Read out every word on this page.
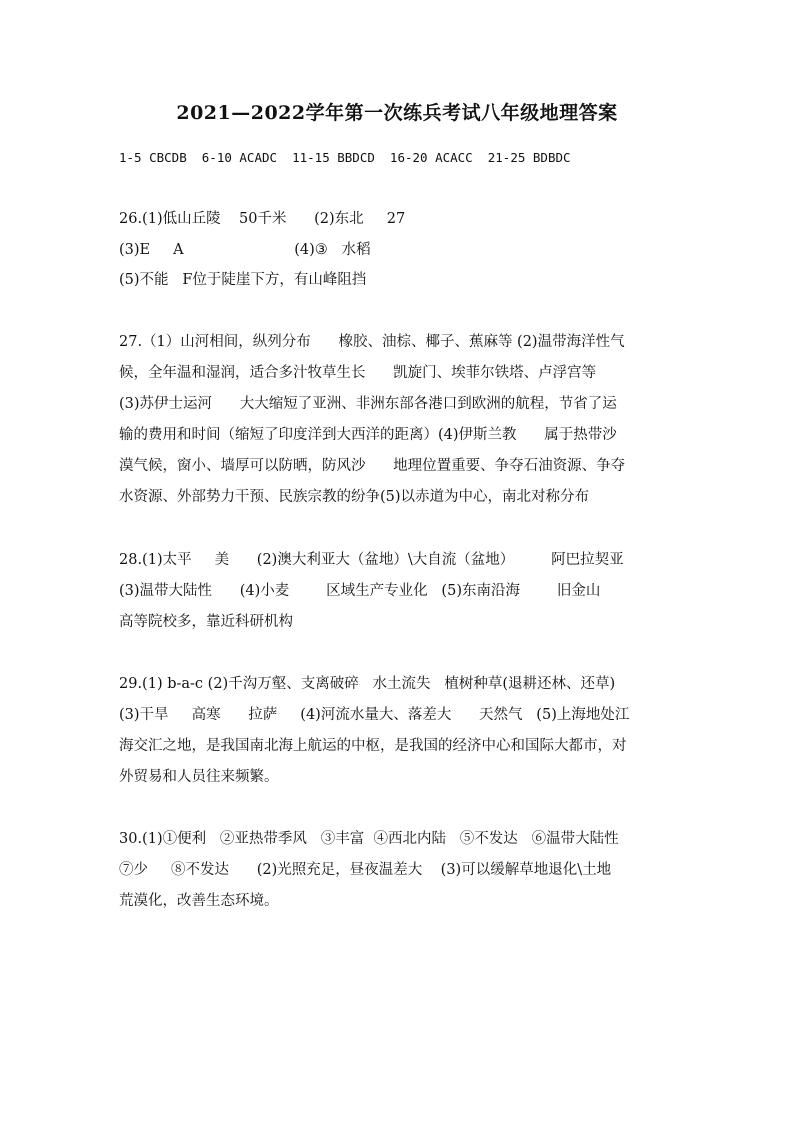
2021—2022学年第一次练兵考试八年级地理答案
1-5 CBCDB  6-10 ACADC  11-15 BBDCD  16-20 ACACC  21-25 BDBDC
26.(1)低山丘陵    50千米      (2)东北     27
(3)E     A                        (4)③   水稻
(5)不能   F位于陡崖下方，有山峰阻挡
27.（1）山河相间，纵列分布      橡胶、油棕、椰子、蕉麻等 (2)温带海洋性气
候，全年温和湿润，适合多汁牧草生长      凯旋门、埃菲尔铁塔、卢浮宫等
(3)苏伊士运河      大大缩短了亚洲、非洲东部各港口到欧洲的航程，节省了运
输的费用和时间（缩短了印度洋到大西洋的距离）(4)伊斯兰教      属于热带沙
漠气候，窗小、墙厚可以防晒，防风沙      地理位置重要、争夺石油资源、争夺
水资源、外部势力干预、民族宗教的纷争(5)以赤道为中心，南北对称分布
28.(1)太平     美      (2)澳大利亚大（盆地）\大自流（盆地）        阿巴拉契亚
(3)温带大陆性      (4)小麦        区域生产专业化   (5)东南沿海        旧金山
高等院校多，靠近科研机构
29.(1) b-a-c (2)千沟万壑、支离破碎   水土流失   植树种草(退耕还林、还草)
(3)干旱     高寒      拉萨     (4)河流水量大、落差大      天然气   (5)上海地处江
海交汇之地，是我国南北海上航运的中枢，是我国的经济中心和国际大都市，对
外贸易和人员往来频繁。
30.(1)①便利   ②亚热带季风   ③丰富  ④西北内陆   ⑤不发达   ⑥温带大陆性
⑦少     ⑧不发达      (2)光照充足，昼夜温差大    (3)可以缓解草地退化\土地
荒漠化，改善生态环境。
